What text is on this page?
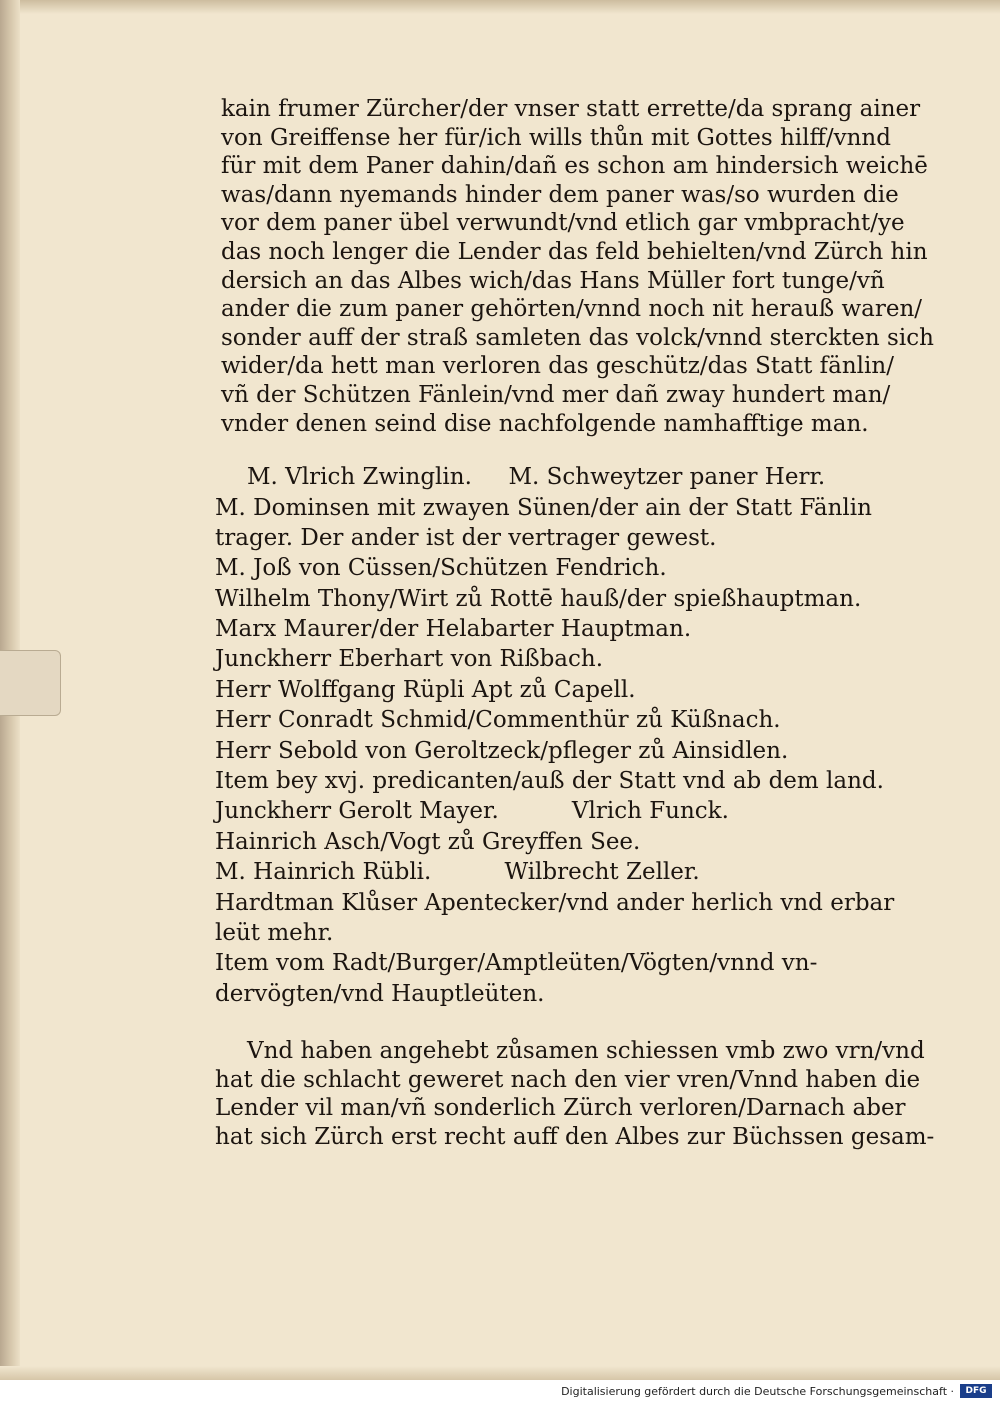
kain frumer Zürcher/der vnser statt errette/da sprang ainer
von Greiffense her für/ich wills thůn mit Gottes hilff/vnnd
für mit dem Paner dahin/dañ es schon am hindersich weichē
was/dann nyemands hinder dem paner was/so wurden die
vor dem paner übel verwundt/vnd etlich gar vmbpracht/ye
das noch lenger die Lender das feld behielten/vnd Zürch hin
dersich an das Albes wich/das Hans Müller fort tunge/vñ
ander die zum paner gehörten/vnnd noch nit herauß waren/
sonder auff der straß samleten das volck/vnnd sterckten sich
wider/da hett man verloren das geschütz/das Statt fänlin/
vñ der Schützen Fänlein/vnd mer dañ zway hundert man/
vnder denen seind dise nachfolgende namhafftige man.
M. Vlrich Zwinglin.     M. Schweytzer paner Herr.
M. Dominsen mit zwayen Sünen/der ain der Statt Fänlin
trager. Der ander ist der vertrager gewest.
M. Joß von Cüssen/Schützen Fendrich.
Wilhelm Thony/Wirt zů Rottē hauß/der spießhauptman.
Marx Maurer/der Helabarter Hauptman.
Junckherr Eberhart von Rißbach.
Herr Wolffgang Rüpli Apt zů Capell.
Herr Conradt Schmid/Commenthür zů Küßnach.
Herr Sebold von Geroltzeck/pfleger zů Ainsidlen.
Item bey xvj. predicanten/auß der Statt vnd ab dem land.
Junckherr Gerolt Mayer.          Vlrich Funck.
Hainrich Asch/Vogt zů Greyffen See.
M. Hainrich Rübli.          Wilbrecht Zeller.
Hardtman Klůser Apentecker/vnd ander herlich vnd erbar
leüt mehr.
Item vom Radt/Burger/Amptleüten/Vögten/vnnd vn-
dervögten/vnd Hauptleüten.
Vnd haben angehebt zůsamen schiessen vmb zwo vrn/vnd
hat die schlacht geweret nach den vier vren/Vnnd haben die
Lender vil man/vñ sonderlich Zürch verloren/Darnach aber
hat sich Zürch erst recht auff den Albes zur Büchssen gesam-
Digitalisierung gefördert durch die Deutsche Forschungsgemeinschaft ·	DFG
